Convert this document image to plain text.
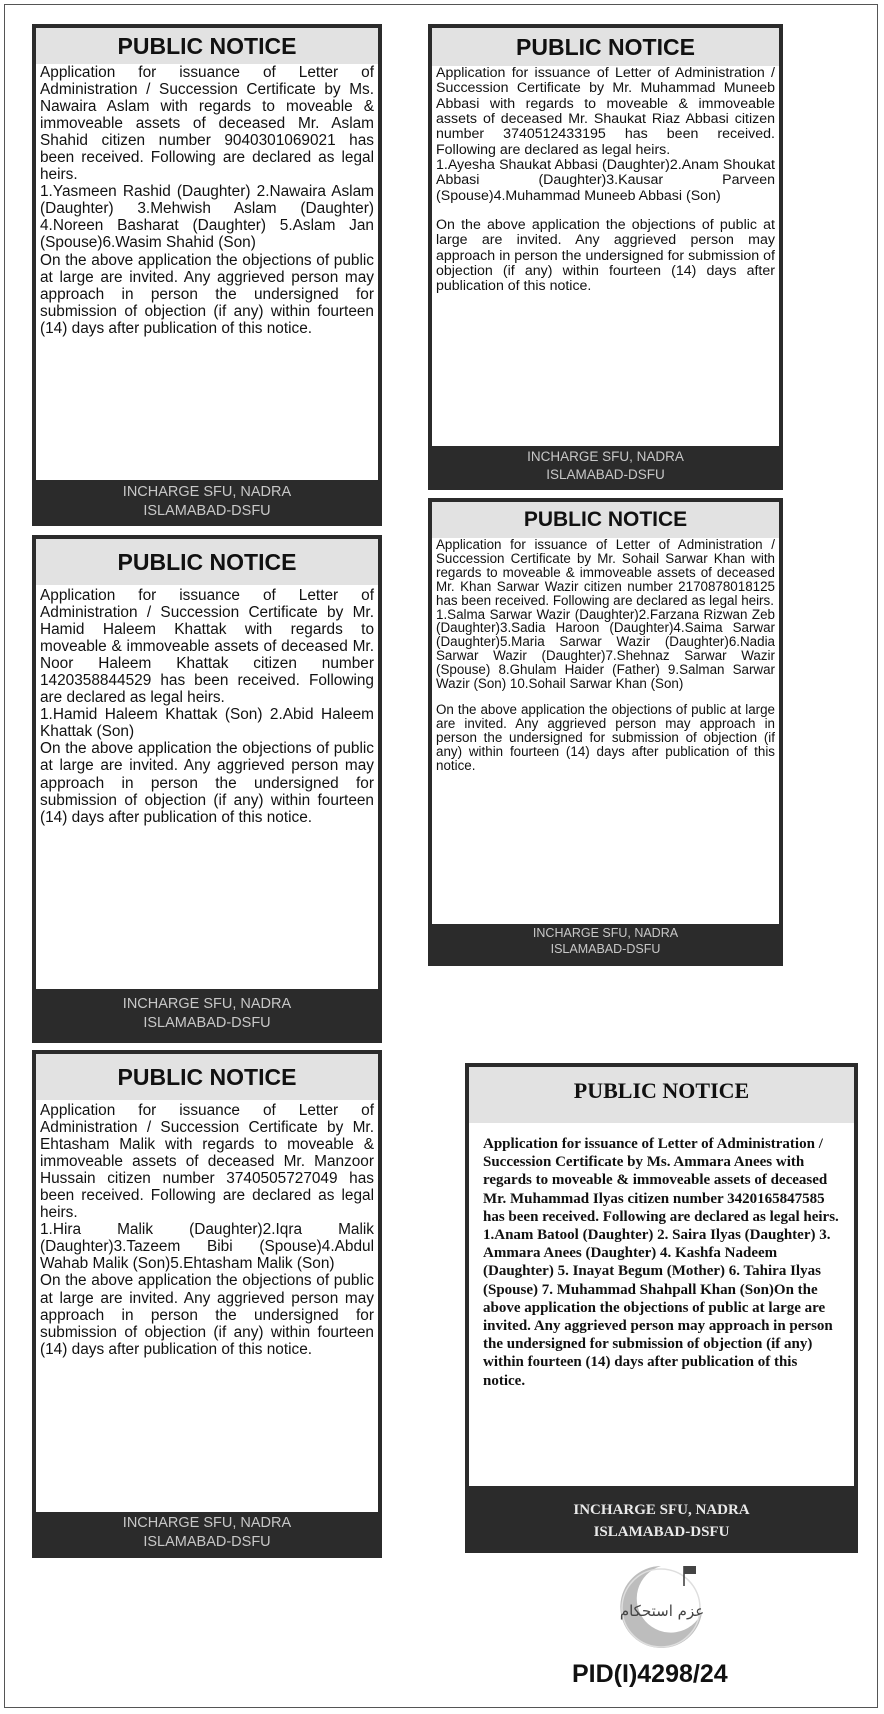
PUBLIC NOTICE

Application for issuance of Letter of Administration / Succession Certificate by Ms. Nawaira Aslam with regards to moveable & immoveable assets of deceased Mr. Aslam Shahid citizen number 9040301069021 has been received. Following are declared as legal heirs.

1.Yasmeen Rashid (Daughter) 2.Nawaira Aslam (Daughter) 3.Mehwish Aslam (Daughter) 4.Noreen Basharat (Daughter) 5.Aslam Jan (Spouse)6.Wasim Shahid (Son)

On the above application the objections of public at large are invited. Any aggrieved person may approach in person the undersigned for submission of objection (if any) within fourteen (14) days after publication of this notice.

INCHARGE SFU, NADRA
ISLAMABAD-DSFU
PUBLIC NOTICE

Application for issuance of Letter of Administration / Succession Certificate by Mr. Muhammad Muneeb Abbasi with regards to moveable & immoveable assets of deceased Mr. Shaukat Riaz Abbasi citizen number 3740512433195 has been received. Following are declared as legal heirs.

1.Ayesha Shaukat Abbasi (Daughter)2.Anam Shoukat Abbasi (Daughter)3.Kausar Parveen (Spouse)4.Muhammad Muneeb Abbasi (Son)

On the above application the objections of public at large are invited. Any aggrieved person may approach in person the undersigned for submission of objection (if any) within fourteen (14) days after publication of this notice.

INCHARGE SFU, NADRA
ISLAMABAD-DSFU
PUBLIC NOTICE

Application for issuance of Letter of Administration / Succession Certificate by Mr. Hamid Haleem Khattak with regards to moveable & immoveable assets of deceased Mr. Noor Haleem Khattak citizen number 1420358844529 has been received. Following are declared as legal heirs.

1.Hamid Haleem Khattak (Son) 2.Abid Haleem Khattak (Son)

On the above application the objections of public at large are invited. Any aggrieved person may approach in person the undersigned for submission of objection (if any) within fourteen (14) days after publication of this notice.

INCHARGE SFU, NADRA
ISLAMABAD-DSFU
PUBLIC NOTICE

Application for issuance of Letter of Administration / Succession Certificate by Mr. Sohail Sarwar Khan with regards to moveable & immoveable assets of deceased Mr. Khan Sarwar Wazir citizen number 2170878018125 has been received. Following are declared as legal heirs.

1.Salma Sarwar Wazir (Daughter)2.Farzana Rizwan Zeb (Daughter)3.Sadia Haroon (Daughter)4.Saima Sarwar (Daughter)5.Maria Sarwar Wazir (Daughter)6.Nadia Sarwar Wazir (Daughter)7.Shehnaz Sarwar Wazir (Spouse) 8.Ghulam Haider (Father) 9.Salman Sarwar Wazir (Son) 10.Sohail Sarwar Khan (Son)

On the above application the objections of public at large are invited. Any aggrieved person may approach in person the undersigned for submission of objection (if any) within fourteen (14) days after publication of this notice.

INCHARGE SFU, NADRA
ISLAMABAD-DSFU
PUBLIC NOTICE

Application for issuance of Letter of Administration / Succession Certificate by Mr. Ehtasham Malik with regards to moveable & immoveable assets of deceased Mr. Manzoor Hussain citizen number 3740505727049 has been received. Following are declared as legal heirs.

1.Hira Malik (Daughter)2.Iqra Malik (Daughter)3.Tazeem Bibi (Spouse)4.Abdul Wahab Malik (Son)5.Ehtasham Malik (Son)

On the above application the objections of public at large are invited. Any aggrieved person may approach in person the undersigned for submission of objection (if any) within fourteen (14) days after publication of this notice.

INCHARGE SFU, NADRA
ISLAMABAD-DSFU
PUBLIC NOTICE

Application for issuance of Letter of Administration / Succession Certificate by Ms. Ammara Anees with regards to moveable & immoveable assets of deceased Mr. Muhammad Ilyas citizen number 3420165847585 has been received. Following are declared as legal heirs. 1.Anam Batool (Daughter) 2. Saira Ilyas (Daughter) 3. Ammara Anees (Daughter) 4. Kashfa Nadeem (Daughter) 5. Inayat Begum (Mother) 6. Tahira Ilyas (Spouse) 7. Muhammad Shahpall Khan (Son)On the above application the objections of public at large are invited. Any aggrieved person may approach in person the undersigned for submission of objection (if any) within fourteen (14) days after publication of this notice.

INCHARGE SFU, NADRA
ISLAMABAD-DSFU
عزم استحکام
PID(I)4298/24
